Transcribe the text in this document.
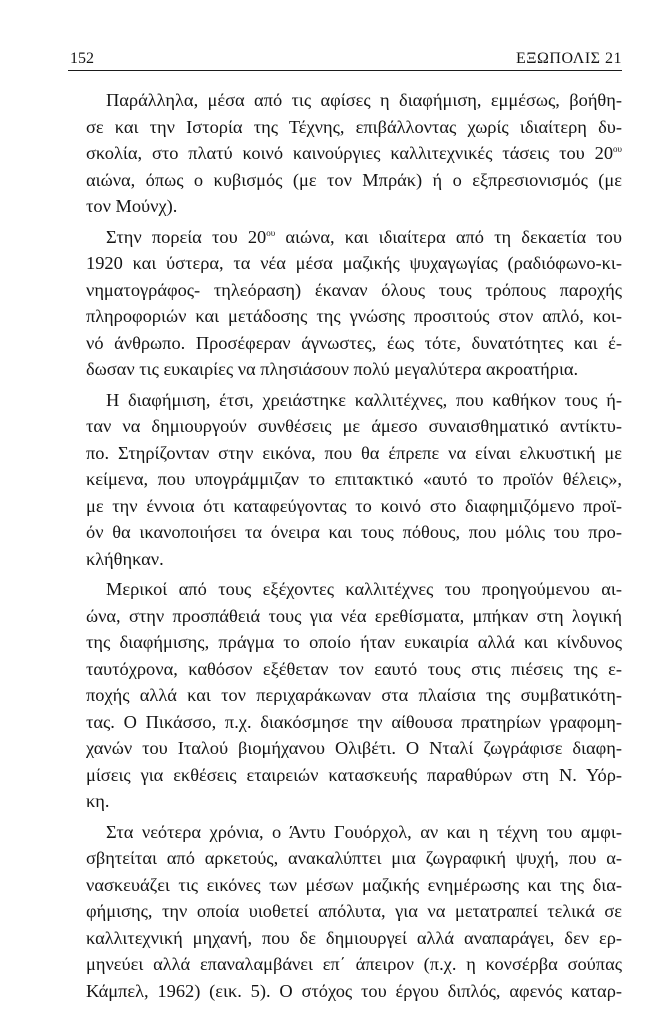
152	ΕΞΩΠΟΛΙΣ 21
Παράλληλα, μέσα από τις αφίσες η διαφήμιση, εμμέσως, βοήθη-
σε και την Ιστορία της Τέχνης, επιβάλλοντας χωρίς ιδιαίτερη δυ-
σκολία, στο πλατύ κοινό καινούργιες καλλιτεχνικές τάσεις του $20^{o\upsilon}$
αιώνα, όπως ο κυβισμός (με τον Μπράκ) ή ο εξπρεσιονισμός (με
τον Μούνχ).
Στην πορεία του $20^{o\upsilon}$ αιώνα, και ιδιαίτερα από τη δεκαετία του
1920 και ύστερα, τα νέα μέσα μαζικής ψυχαγωγίας (ραδιόφωνο-κι-
νηματογράφος- τηλεόραση) έκαναν όλους τους τρόπους παροχής
πληροφοριών και μετάδοσης της γνώσης προσιτούς στον απλό, κοι-
νό άνθρωπο. Προσέφεραν άγνωστες, έως τότε, δυνατότητες και έ-
δωσαν τις ευκαιρίες να πλησιάσουν πολύ μεγαλύτερα ακροατήρια.
Η διαφήμιση, έτσι, χρειάστηκε καλλιτέχνες, που καθήκον τους ή-
ταν να δημιουργούν συνθέσεις με άμεσο συναισθηματικό αντίκτυ-
πο. Στηρίζονταν στην εικόνα, που θα έπρεπε να είναι ελκυστική με
κείμενα, που υπογράμμιζαν το επιτακτικό «αυτό το προϊόν θέλεις»,
με την έννοια ότι καταφεύγοντας το κοινό στο διαφημιζόμενο προϊ-
όν θα ικανοποιήσει τα όνειρα και τους πόθους, που μόλις του προ-
κλήθηκαν.
Μερικοί από τους εξέχοντες καλλιτέχνες του προηγούμενου αι-
ώνα, στην προσπάθειά τους για νέα ερεθίσματα, μπήκαν στη λογική
της διαφήμισης, πράγμα το οποίο ήταν ευκαιρία αλλά και κίνδυνος
ταυτόχρονα, καθόσον εξέθεταν τον εαυτό τους στις πιέσεις της ε-
ποχής αλλά και τον περιχαράκωναν στα πλαίσια της συμβατικότη-
τας. Ο Πικάσσο, π.χ. διακόσμησε την αίθουσα πρατηρίων γραφομη-
χανών του Ιταλού βιομήχανου Ολιβέτι. Ο Νταλί ζωγράφισε διαφη-
μίσεις για εκθέσεις εταιρειών κατασκευής παραθύρων στη Ν. Υόρ-
κη.
Στα νεότερα χρόνια, ο Άντυ Γουόρχολ, αν και η τέχνη του αμφι-
σβητείται από αρκετούς, ανακαλύπτει μια ζωγραφική ψυχή, που α-
νασκευάζει τις εικόνες των μέσων μαζικής ενημέρωσης και της δια-
φήμισης, την οποία υιοθετεί απόλυτα, για να μετατραπεί τελικά σε
καλλιτεχνική μηχανή, που δε δημιουργεί αλλά αναπαράγει, δεν ερ-
μηνεύει αλλά επαναλαμβάνει επ΄ άπειρον (π.χ. η κονσέρβα σούπας
Κάμπελ, 1962) (εικ. 5). Ο στόχος του έργου διπλός, αφενός καταρ-
